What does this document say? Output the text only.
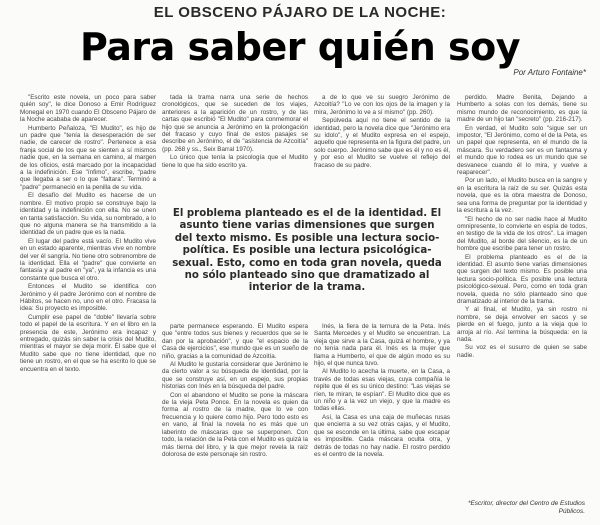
EL OBSCENO PÁJARO DE LA NOCHE:
Para saber quién soy
Por Arturo Fontaine*

"Escrito este novela, un poco para saber quién soy", le dice Donoso a Emir Rodríguez Monegal en 1970 cuando El Obsceno Pájaro de la Noche acababa de aparecer.

Humberto Peñaloza, "El Mudito", es hijo de un padre que "tenía la desesperación de ser nadie, de carecer de rostro". Pertenece a esa franja social de los que se sienten a sí mismos nadie que, en la semana en camino, al margen de los oficios, está marcado por la incapacidad a la indefinición. Ese "ínfimo", escribe, "padre que llegaba a ser o lo que "faltara". Terminó a "padre" permaneció en la penilla de su vida.

El desafío del Mudito es hacerse de un nombre. El motivo propio se construye bajo la identidad y la indefinición con ella. No se unen en tanta satisfacción. Su vida, su nombrado, a lo que no alguna manera se ha transmitido a la identidad de un padre que es la nada.

El lugar del padre está vacío. El Mudito vive en un estado aparente, mientras vive en nombre del ver él sangría. No tiene otro sobrenombre de la identidad. Ella el "padre" que convierte en fantasía y al padre en "ya", ya la infancia es una constante que busca el otro.

Entonces el Mudito se identifica con Jerónimo y él padre Jerónimo con el nombre de Hábitos, se hacen no, uno en el otro. Fracasa la idea: Su proyecto es imposible.

Cumplir ese papel de "doble" llevaría sobre todo el papel de la escritura. Y en el libro en la presencia de este, Jerónimo era incapaz y entregado, quizás sin saber la crisis del Mudito, mientras el mayor se deja morir. Él sabe que el Mudito sabe que no tiene identidad, que no tiene un rostro, en el que se ha escrito lo que se encuentra en el texto.

tada la trama narra una serie de hechos cronológicos, que se suceden de los viajes, anteriores a la aparición de un rostro, y de las cartas que escribió "El Mudito" para conmemorar el hijo que se anuncia a Jerónimo en la prolongación del fracaso y cuyo final de estos pasajes se describe en Jerónimo, el de "asistencia de Azcoitía" (pp. 268 y ss., Seix Barral 1970).

Lo único que tenía la psicología que el Mudito tiene lo que ha sido escrito ya.

a de lo que ve su suegro Jerónimo de Azcoitía? "Lo ve con los ojos de la imagen y la mira, Jerónimo lo ve a sí mismo" (pp. 260).

Sepúlveda aquí no tiene el sentido de la identidad, pero la novela dice que "Jerónimo era su ídolo", y el Mudito expresa en el espejo, aquello que representa en la figura del padre, un solo cuerpo. Jerónimo sabe que es él y no es él, y por eso el Mudito se vuelve el reflejo del fracaso de su padre.

El problema planteado es el de la identidad. El asunto tiene varias dimensiones que surgen del texto mismo. Es posible una lectura socio-política. Es posible una lectura psicológica-sexual. Esto, como en toda gran novela, queda no sólo planteado sino que dramatizado al interior de la trama.

parte permanece esperando. El Mudito espera que "entre todos sus bienes y recuerdos que se le dan por la aprobación", y que "el espacio de la Casa de ejercicios", ese mundo que es un sueño de niño, gracias a la comunidad de Azcoitía.

Al Mudito le gustaría considerar que Jerónimo le da cierto valor a su búsqueda de identidad, por la que se construye así, en un espejo, sus propias historias con Inés en la búsqueda del padre.

Con el abandono el Mudito se pone la máscara de la vieja Peta Ponce. En la novela es quien da forma al rostro de la madre, que lo ve con frecuencia y lo quiere como hijo. Pero todo esto es en vano, al final la novela no es más que un laberinto de máscaras que se superponen. Con todo, la relación de la Peta con el Mudito es quizá la más tierna del libro, y la que mejor revela la raíz dolorosa de este personaje sin rostro.

Inés, la fiera de la ternura de la Peta. Inés Santa Mercedes y el Mudito se encuentran. La vieja que sirve a la Casa, quizá el hombre, y ya no tenía nada para él. Inés es la mujer que llama a Humberto, el que de algún modo es su hijo, el que nunca tuvo.

Al Mudito lo acecha la muerte, en la Casa, a través de todas esas viejas, cuya compañía le repite que él es su único destino: "Las viejas se ríen, te miran, te espían". El Mudito dice que es un niño y a la vez un viejo, y que la madre es todas ellas.

Así, la Casa es una caja de muñecas rusas que encierra a su vez otras cajas, y el Mudito, que se esconde en la última, sabe que escapar es imposible. Cada máscara oculta otra, y detrás de todas no hay nadie. El rostro perdido es el centro de la novela.

perdido. Madre Benita, Dejando a Humberto a solas con los demás, tiene su mismo mundo de reconocimiento, es que la madre de un hijo tan "secreto" (pp. 216-217).

En verdad, el Mudito solo "sigue ser un impostor, "El Jerónimo, como el de la Peta, es un papel que representa, en el mundo de la máscara. Su verdadero ser es un fantasma y el mundo que lo rodea es un mundo que se desvanece cuando él lo mira, y vuelve a reaparecer".

Por un lado, el Mudito busca en la sangre y en la escritura la raíz de su ser. Quizás esta novela, que es la obra maestra de Donoso, sea una forma de preguntar por la identidad y la escritura a la vez.

"El hecho de no ser nadie hace al Mudito omnipresente, lo convierte en espía de todos, en testigo de la vida de los otros". La imagen del Mudito, al borde del silencio, es la de un hombre que escribe para tener un rostro.

El problema planteado es el de la identidad. El asunto tiene varias dimensiones que surgen del texto mismo. Es posible una lectura socio-política. Es posible una lectura psicológico-sexual. Pero, como en toda gran novela, queda no sólo planteado sino que dramatizado al interior de la trama.

Y al final, el Mudito, ya sin rostro ni nombre, se deja envolver en sacos y se pierde en el fuego, junto a la vieja que lo arroja al río. Así termina la búsqueda: en la nada.

Su voz es el susurro de quien se sabe nadie.

*Escritor, director del Centro de Estudios Públicos.
